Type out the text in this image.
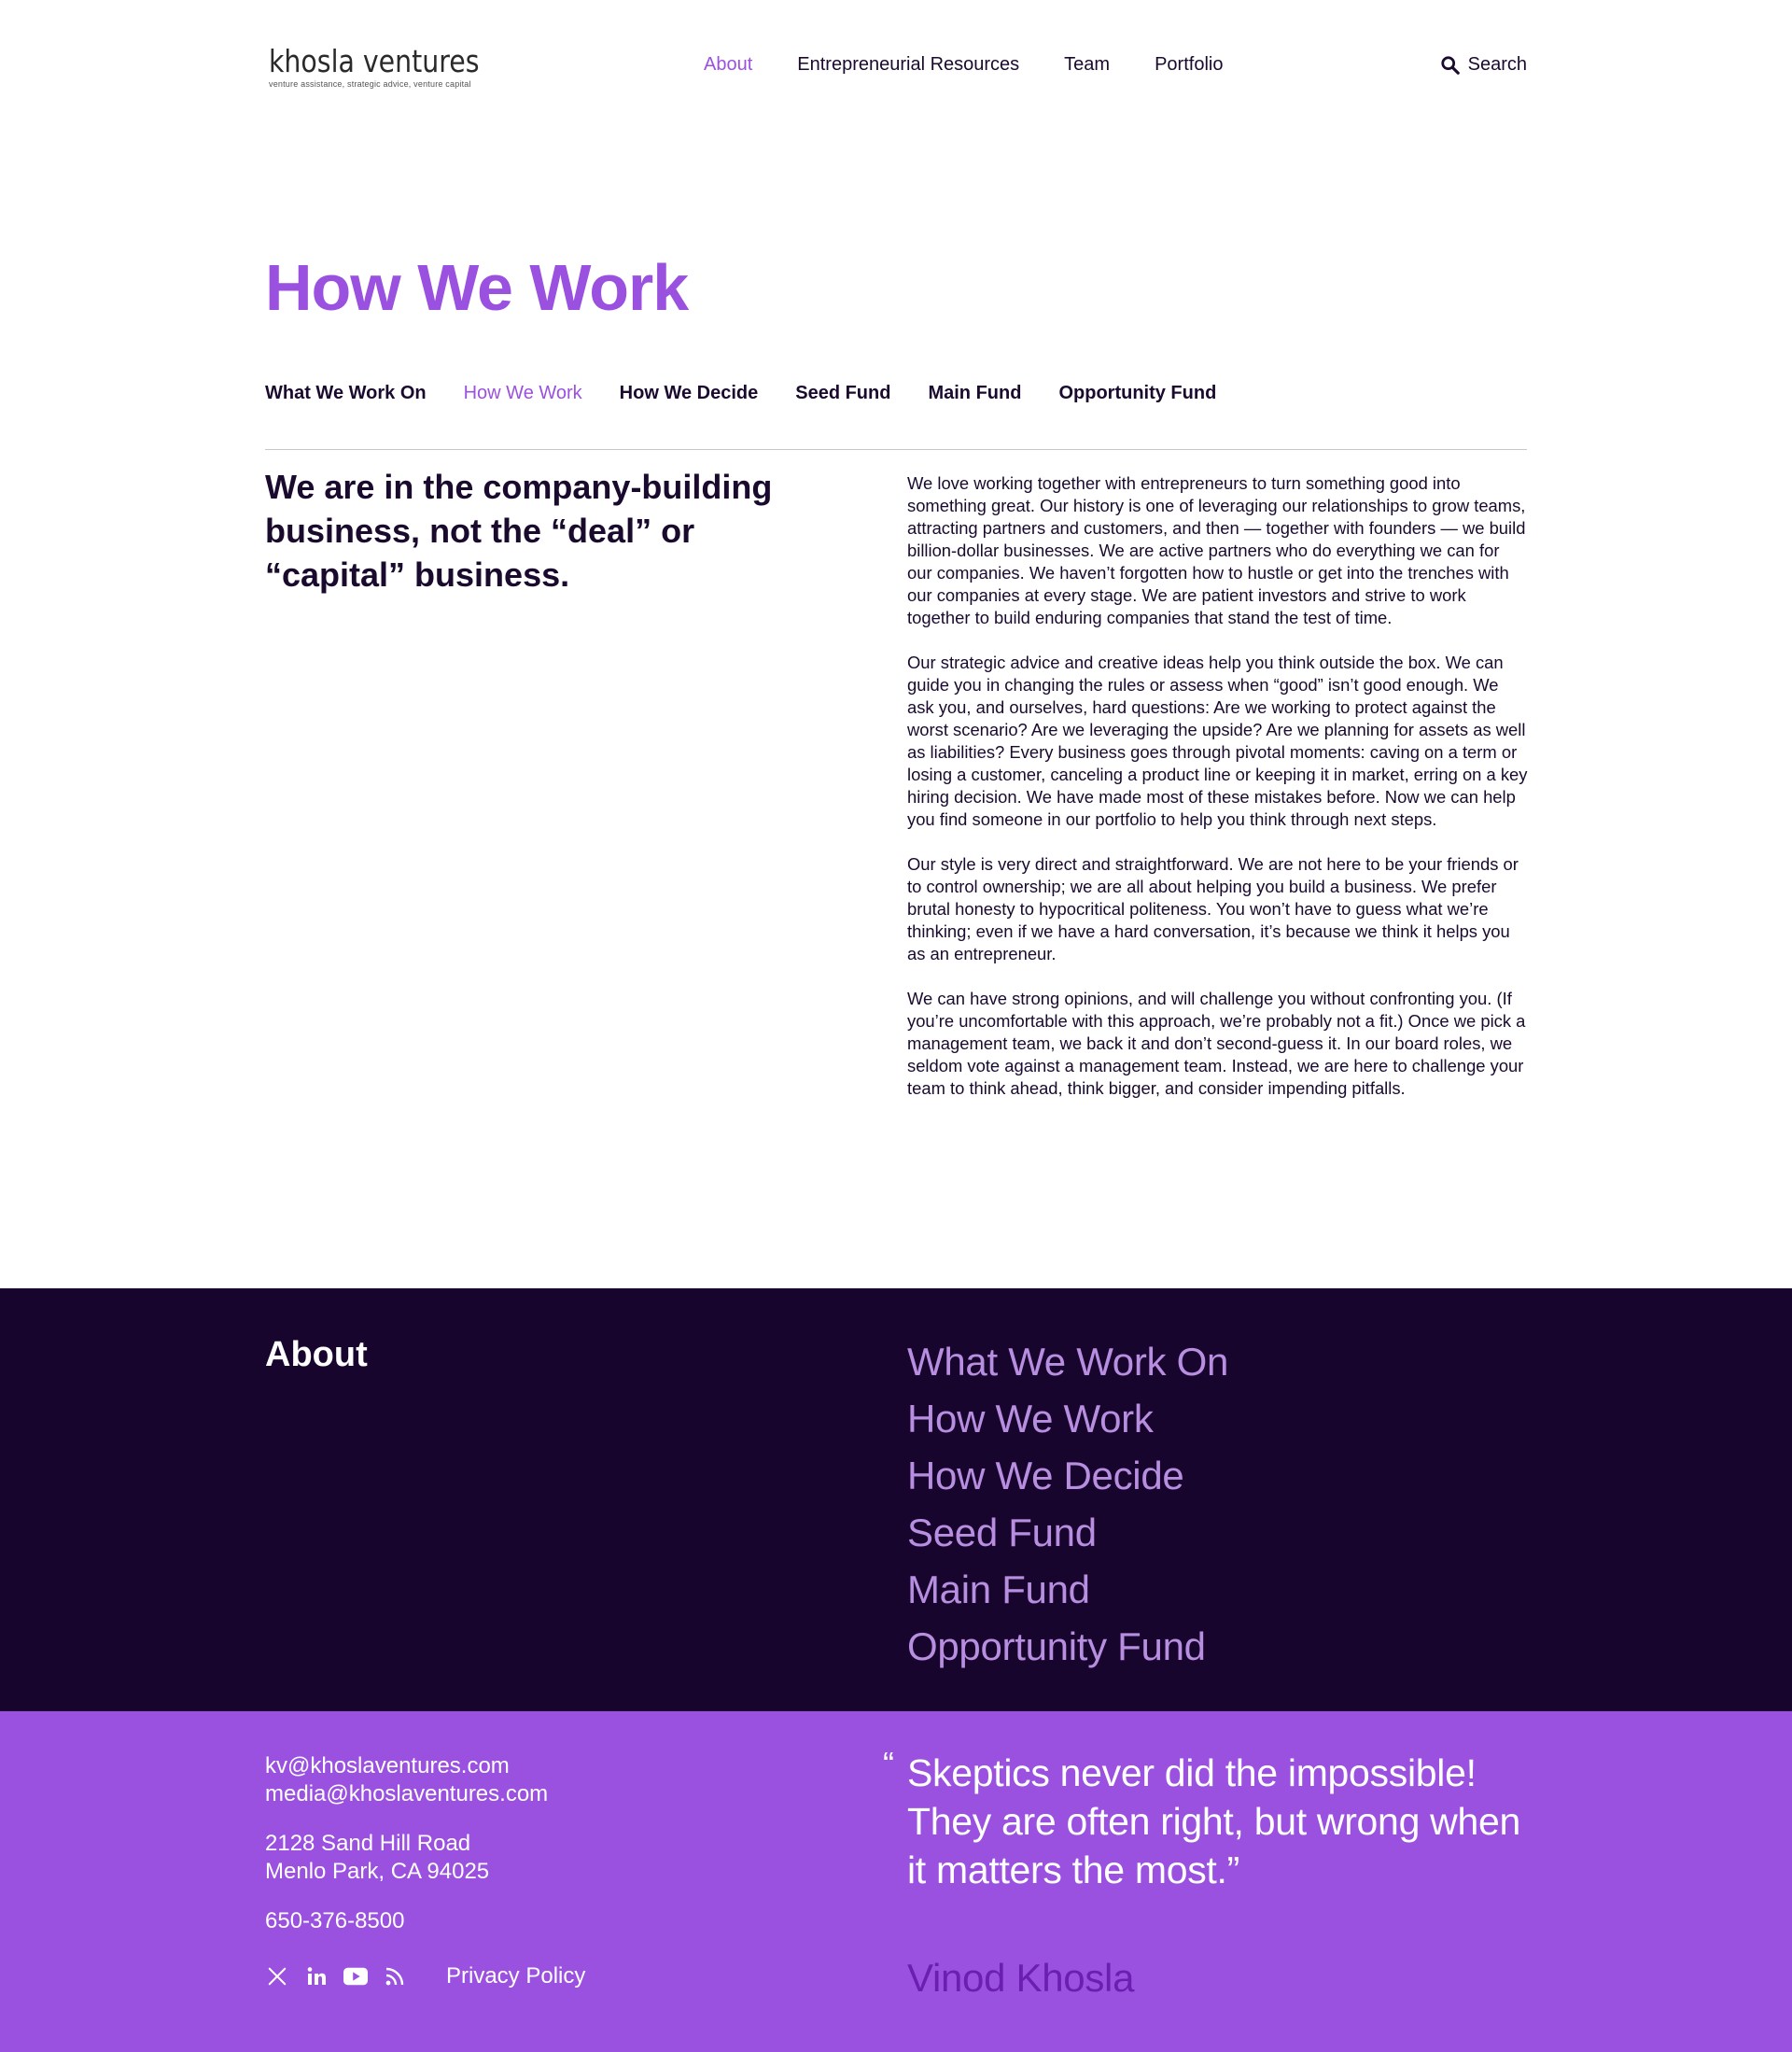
khosla ventures
venture assistance, strategic advice, venture capital
About Entrepreneurial Resources Team Portfolio	Search
How We Work
What We Work On How We Work How We Decide Seed Fund Main Fund Opportunity Fund
We are in the company-building business, not the “deal” or “capital” business.

We love working together with entrepreneurs to turn something good into something great. Our history is one of leveraging our relationships to grow teams, attracting partners and customers, and then — together with founders — we build billion-dollar businesses. We are active partners who do everything we can for our companies. We haven’t forgotten how to hustle or get into the trenches with our companies at every stage. We are patient investors and strive to work together to build enduring companies that stand the test of time.

Our strategic advice and creative ideas help you think outside the box. We can guide you in changing the rules or assess when “good” isn’t good enough. We ask you, and ourselves, hard questions: Are we working to protect against the worst scenario? Are we leveraging the upside? Are we planning for assets as well as liabilities? Every business goes through pivotal moments: caving on a term or losing a customer, canceling a product line or keeping it in market, erring on a key hiring decision. We have made most of these mistakes before. Now we can help you find someone in our portfolio to help you think through next steps.

Our style is very direct and straightforward. We are not here to be your friends or to control ownership; we are all about helping you build a business. We prefer brutal honesty to hypocritical politeness. You won’t have to guess what we’re thinking; even if we have a hard conversation, it’s because we think it helps you as an entrepreneur.

We can have strong opinions, and will challenge you without confronting you. (If you’re uncomfortable with this approach, we’re probably not a fit.) Once we pick a management team, we back it and don’t second-guess it. In our board roles, we seldom vote against a management team. Instead, we are here to challenge your team to think ahead, think bigger, and consider impending pitfalls.

About	What We Work On
How We Work
How We Decide
Seed Fund
Main Fund
Opportunity Fund
kv@khoslaventures.com
media@khoslaventures.com
2128 Sand Hill Road
Menlo Park, CA 94025
650-376-8500
Privacy Policy
“ Skeptics never did the impossible! They are often right, but wrong when it matters the most.”
Vinod Khosla
